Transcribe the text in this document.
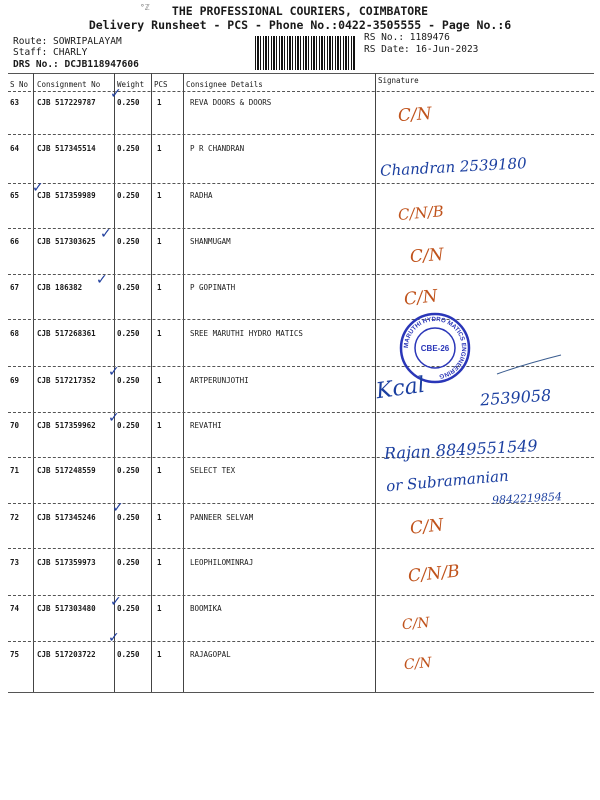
THE PROFESSIONAL COURIERS, COIMBATORE
Delivery Runsheet - PCS - Phone No.:0422-3505555 - Page No.:6
°ℤ
Route: SOWRIPALAYAM
Staff: CHARLY
DRS No.: DCJB118947606
RS No.: 1189476
RS Date: 16-Jun-2023
S No Consignment No Weight PCS Consignee Details	Signature
63 CJB 517229787	0.250 1	REVA DOORS & DOORS
64 CJB 517345514	0.250 1	P R CHANDRAN
65 CJB 517359989	0.250 1	RADHA
66 CJB 517303625	0.250 1	SHANMUGAM
67 CJB 186382	0.250 1	P GOPINATH
68 CJB 517268361	0.250 1	SREE MARUTHI HYDRO MATICS
69 CJB 517217352	0.250 1	ARTPERUNJOTHI
70 CJB 517359962	0.250 1	REVATHI
71 CJB 517248559	0.250 1	SELECT TEX
72 CJB 517345246	0.250 1	PANNEER SELVAM
73 CJB 517359973	0.250 1	LEOPHILOMINRAJ
74 CJB 517303480	0.250 1	BOOMIKA
75 CJB 517203722	0.250 1	RAJAGOPAL
✓
✓
✓
✓
✓
✓
✓
✓
✓
C/N
Chandran 2539180
C/N/B
C/N
C/N
MARUTHI HYDRO MATICS ENGINEERING
CBE-26
Kcal	2539058
Rajan 8849551549
or Subramanian
9842219854
C/N
C/N/B
C/N
C/N
